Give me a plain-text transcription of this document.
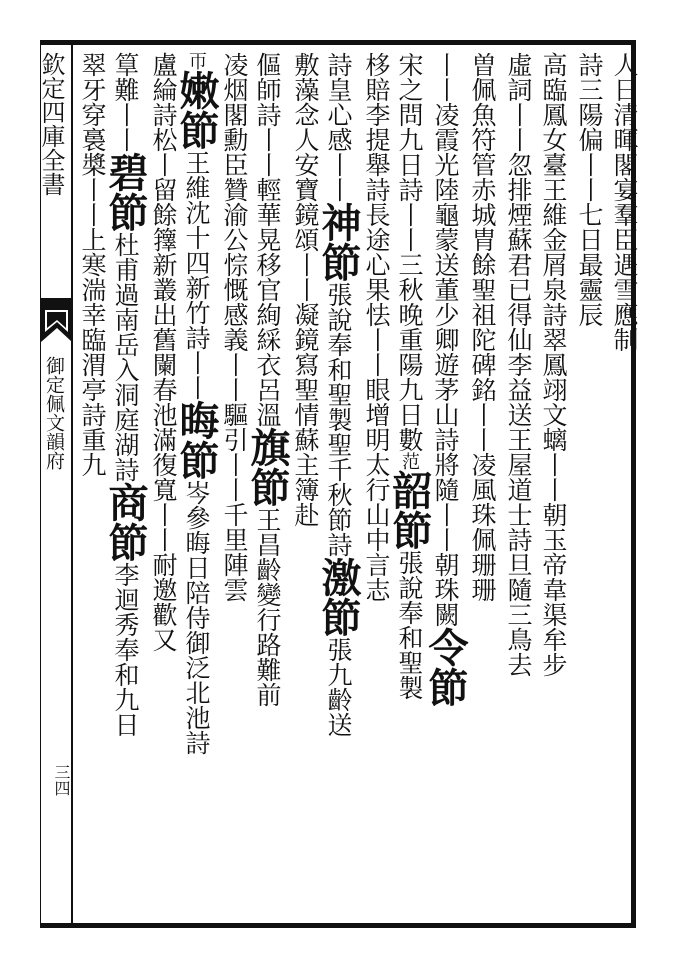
欽定四庫全書
御定佩文韻府
三四
人日清暉閣宴羣臣遇雪應制
詩三陽偏丨丨七日最靈辰
高臨鳳女臺王維金屑泉詩翠鳳翊文螭丨丨朝玉帝韋渠牟步
虛詞丨丨忽排煙蘇君已得仙李益送王屋道士詩旦隨三鳥去
曽佩魚符管赤城胄餘聖祖陀碑銘丨丨凌風珠佩珊珊
丨丨凌霞光陸龜蒙送董少卿遊茅山詩將隨丨丨朝珠闕令節
宋之問九日詩丨丨三秋晚重陽九日數范韶節張說奉和聖製
栘賠李提舉詩長途心果怯丨丨眼增明太行山中言志
詩皇心感丨丨神節張說奉和聖製聖千秋節詩激節張九齡送
敷藻念人安寶鏡頌丨丨凝鏡寫聖情蘇主簿赴
傴師詩丨丨輕華晃移官絢綵衣呂溫旗節王昌齡變行路難前
凌烟閣勳臣贊渝公悰慨感義丨丨驅引丨丨千里陣雲
帀嫩節王維沈十四新竹詩丨丨晦節岑參晦日陪侍御泛北池詩
盧綸詩松丨留餘籜新叢出舊闌春池滿復寬丨丨耐邀歡又
筸難丨丨碧節杜甫過南岳入洞庭湖詩商節李迴秀奉和九日
翠牙穿裛槳丨丨上寒湍幸臨渭亭詩重九
